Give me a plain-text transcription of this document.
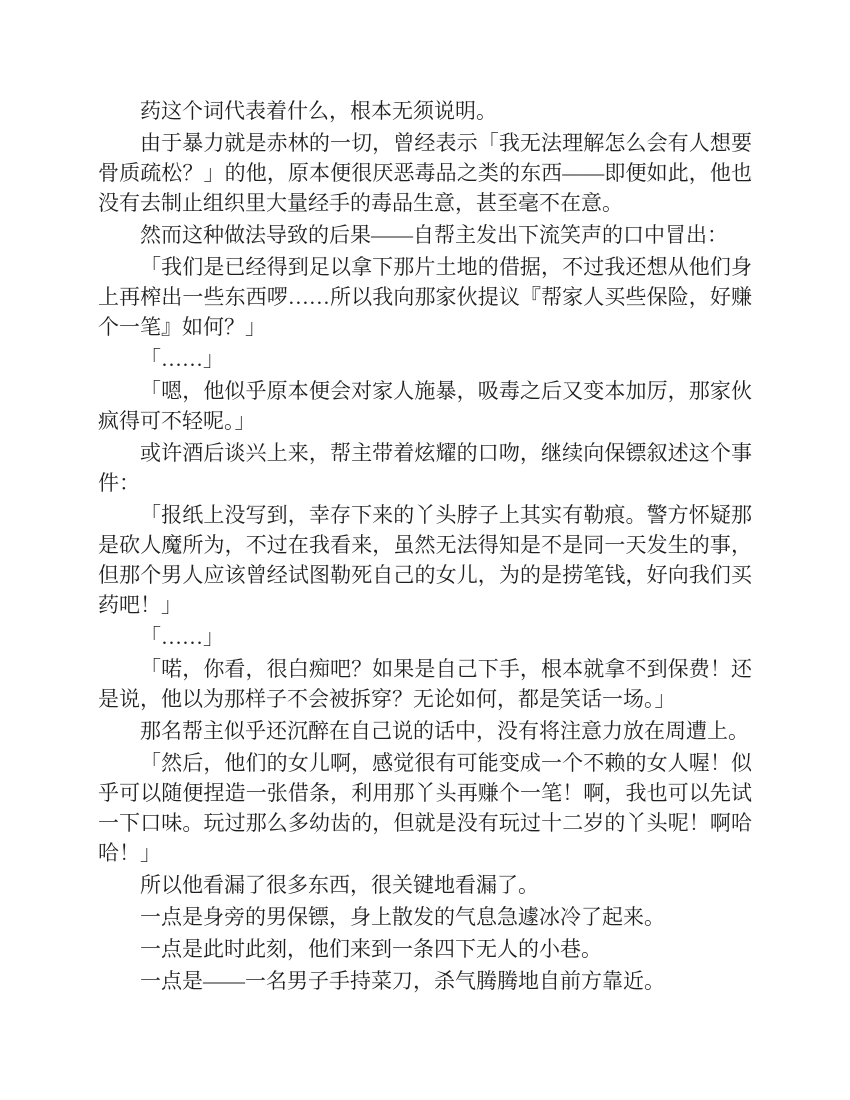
药这个词代表着什么，根本无须说明。

由于暴力就是赤林的一切，曾经表示「我无法理解怎么会有人想要骨质疏松？」的他，原本便很厌恶毒品之类的东西——即便如此，他也没有去制止组织里大量经手的毒品生意，甚至毫不在意。

然而这种做法导致的后果——自帮主发出下流笑声的口中冒出：

「我们是已经得到足以拿下那片土地的借据，不过我还想从他们身上再榨出一些东西啰……所以我向那家伙提议『帮家人买些保险，好赚个一笔』如何？」

「……」

「嗯，他似乎原本便会对家人施暴，吸毒之后又变本加厉，那家伙疯得可不轻呢。」

或许酒后谈兴上来，帮主带着炫耀的口吻，继续向保镖叙述这个事件：

「报纸上没写到，幸存下来的丫头脖子上其实有勒痕。警方怀疑那是砍人魔所为，不过在我看来，虽然无法得知是不是同一天发生的事，但那个男人应该曾经试图勒死自己的女儿，为的是捞笔钱，好向我们买药吧！」

「……」

「喏，你看，很白痴吧？如果是自己下手，根本就拿不到保费！还是说，他以为那样子不会被拆穿？无论如何，都是笑话一场。」

那名帮主似乎还沉醉在自己说的话中，没有将注意力放在周遭上。

「然后，他们的女儿啊，感觉很有可能变成一个不赖的女人喔！似乎可以随便捏造一张借条，利用那丫头再赚个一笔！啊，我也可以先试一下口味。玩过那么多幼齿的，但就是没有玩过十二岁的丫头呢！啊哈哈！」

所以他看漏了很多东西，很关键地看漏了。

一点是身旁的男保镖，身上散发的气息急遽冰冷了起来。

一点是此时此刻，他们来到一条四下无人的小巷。

一点是——一名男子手持菜刀，杀气腾腾地自前方靠近。
